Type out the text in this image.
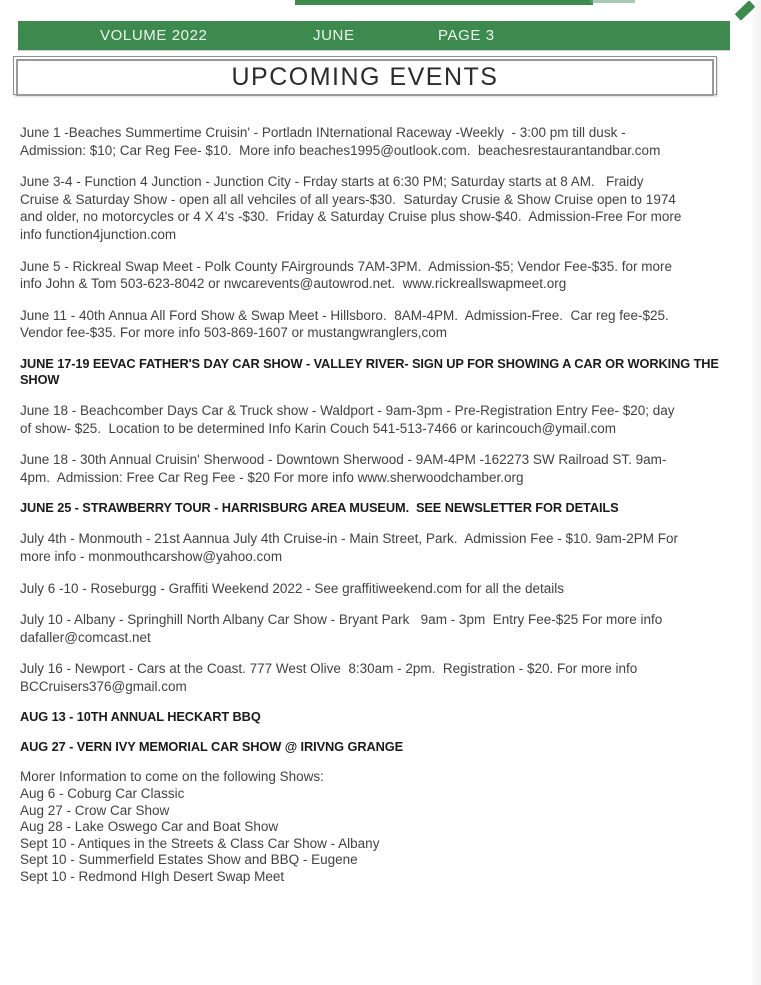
VOLUME 2022	JUNE	PAGE 3
UPCOMING EVENTS
June 1 -Beaches Summertime Cruisin' - Portladn INternational Raceway -Weekly  - 3:00 pm till dusk -
Admission: $10; Car Reg Fee- $10.  More info beaches1995@outlook.com.  beachesrestaurantandbar.com
June 3-4 - Function 4 Junction - Junction City - Frday starts at 6:30 PM; Saturday starts at 8 AM.   Fraidy
Cruise & Saturday Show - open all all vehciles of all years-$30.  Saturday Crusie & Show Cruise open to 1974
and older, no motorcycles or 4 X 4's -$30.  Friday & Saturday Cruise plus show-$40.  Admission-Free For more
info function4junction.com
June 5 - Rickreal Swap Meet - Polk County FAirgrounds 7AM-3PM.  Admission-$5; Vendor Fee-$35. for more
info John & Tom 503-623-8042 or nwcarevents@autowrod.net.  www.rickreallswapmeet.org
June 11 - 40th Annua All Ford Show & Swap Meet - Hillsboro.  8AM-4PM.  Admission-Free.  Car reg fee-$25.
Vendor fee-$35. For more info 503-869-1607 or mustangwranglers,com
JUNE 17-19 EEVAC FATHER'S DAY CAR SHOW - VALLEY RIVER- SIGN UP FOR SHOWING A CAR OR WORKING THE SHOW
June 18 - Beachcomber Days Car & Truck show - Waldport - 9am-3pm - Pre-Registration Entry Fee- $20; day
of show- $25.  Location to be determined Info Karin Couch 541-513-7466 or karincouch@ymail.com
June 18 - 30th Annual Cruisin' Sherwood - Downtown Sherwood - 9AM-4PM -162273 SW Railroad ST. 9am-
4pm.  Admission: Free Car Reg Fee - $20 For more info www.sherwoodchamber.org
JUNE 25 - STRAWBERRY TOUR - HARRISBURG AREA MUSEUM.  SEE NEWSLETTER FOR DETAILS
July 4th - Monmouth - 21st Aannua July 4th Cruise-in - Main Street, Park.  Admission Fee - $10. 9am-2PM For
more info - monmouthcarshow@yahoo.com
July 6 -10 - Roseburgg - Graffiti Weekend 2022 - See graffitiweekend.com for all the details
July 10 - Albany - Springhill North Albany Car Show - Bryant Park   9am - 3pm  Entry Fee-$25 For more info
dafaller@comcast.net
July 16 - Newport - Cars at the Coast. 777 West Olive  8:30am - 2pm.  Registration - $20. For more info
BCCruisers376@gmail.com
AUG 13 - 10TH ANNUAL HECKART BBQ
AUG 27 - VERN IVY MEMORIAL CAR SHOW @ IRIVNG GRANGE
Morer Information to come on the following Shows:
Aug 6 - Coburg Car Classic
Aug 27 - Crow Car Show
Aug 28 - Lake Oswego Car and Boat Show
Sept 10 - Antiques in the Streets & Class Car Show - Albany
Sept 10 - Summerfield Estates Show and BBQ - Eugene
Sept 10 - Redmond HIgh Desert Swap Meet
